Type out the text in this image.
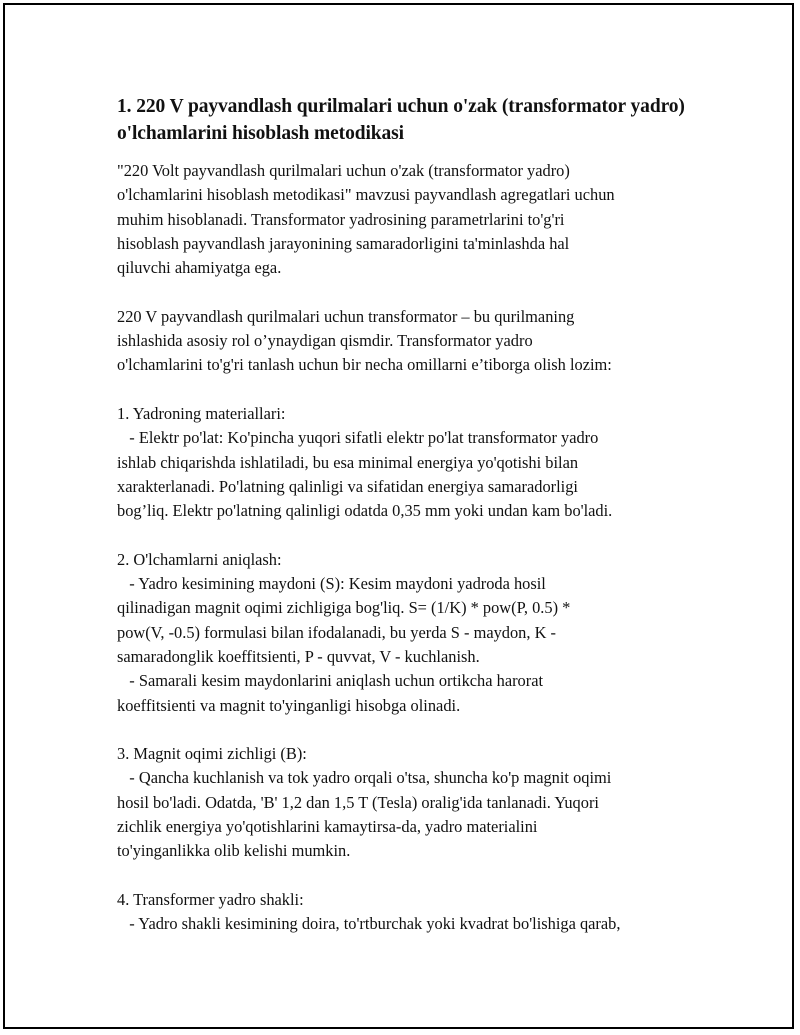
1. 220 V payvandlash qurilmalari uchun o'zak (transformator yadro) o'lchamlarini hisoblash metodikasi

"220 Volt payvandlash qurilmalari uchun o'zak (transformator yadro)
o'lchamlarini hisoblash metodikasi" mavzusi payvandlash agregatlari uchun
muhim hisoblanadi. Transformator yadrosining parametrlarini to'g'ri
hisoblash payvandlash jarayonining samaradorligini ta'minlashda hal
qiluvchi ahamiyatga ega.

220 V payvandlash qurilmalari uchun transformator – bu qurilmaning
ishlashida asosiy rol o’ynaydigan qismdir. Transformator yadro
o'lchamlarini to'g'ri tanlash uchun bir necha omillarni e’tiborga olish lozim:

1. Yadroning materiallari:
- Elektr po'lat: Ko'pincha yuqori sifatli elektr po'lat transformator yadro
ishlab chiqarishda ishlatiladi, bu esa minimal energiya yo'qotishi bilan
xarakterlanadi. Po'latning qalinligi va sifatidan energiya samaradorligi
bog’liq. Elektr po'latning qalinligi odatda 0,35 mm yoki undan kam bo'ladi.

2. O'lchamlarni aniqlash:
- Yadro kesimining maydoni (S): Kesim maydoni yadroda hosil
qilinadigan magnit oqimi zichligiga bog'liq. S= (1/K) * pow(P, 0.5) *
pow(V, -0.5) formulasi bilan ifodalanadi, bu yerda S - maydon, K -
samaradonglik koeffitsienti, P - quvvat, V - kuchlanish.
- Samarali kesim maydonlarini aniqlash uchun ortikcha harorat
koeffitsienti va magnit to'yinganligi hisobga olinadi.

3. Magnit oqimi zichligi (B):
- Qancha kuchlanish va tok yadro orqali o'tsa, shuncha ko'p magnit oqimi
hosil bo'ladi. Odatda, 'B' 1,2 dan 1,5 T (Tesla) oralig'ida tanlanadi. Yuqori
zichlik energiya yo'qotishlarini kamaytirsa-da, yadro materialini
to'yinganlikka olib kelishi mumkin.

4. Transformer yadro shakli:
- Yadro shakli kesimining doira, to'rtburchak yoki kvadrat bo'lishiga qarab,
